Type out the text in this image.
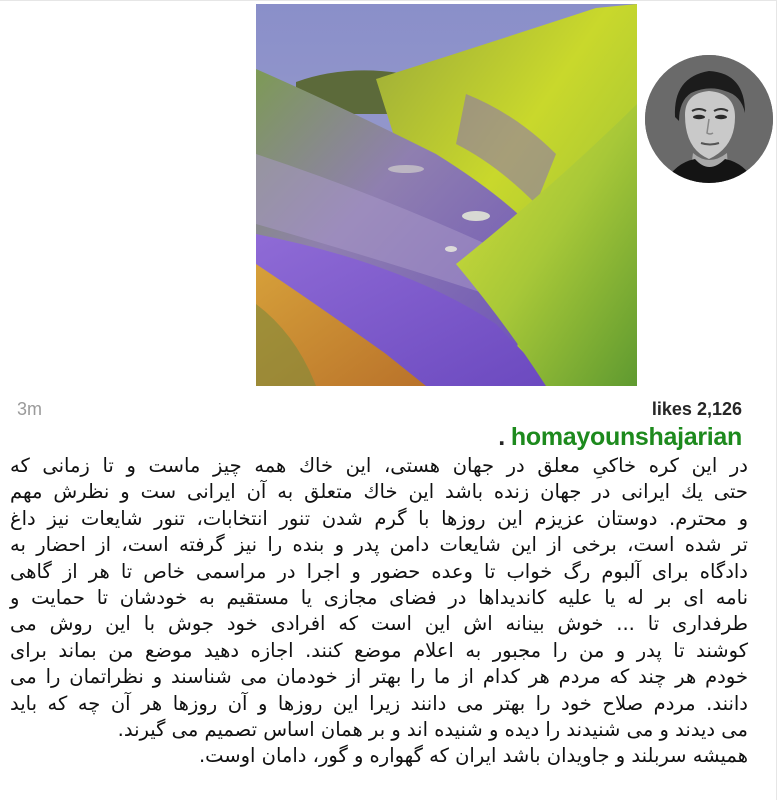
3m	likes 2,126
. homayounshajarian
در این کره خاکیِ معلق در جهان هستی، این خاك همه چیز ماست و تا زمانی که
حتی یك ایرانی در جهان زنده باشد این خاك متعلق به آن ایرانی ست و نظرش مهم
و محترم. دوستان عزیزم این روزها با گرم شدن تنور انتخابات، تنور شایعات نیز داغ
تر شده است، برخی از این شایعات دامن پدر و بنده را نیز گرفته است، از احضار به
دادگاه برای آلبوم رگ خواب تا وعده حضور و اجرا در مراسمی خاص تا هر از گاهی
نامه ای بر له یا علیه کاندیداها در فضای مجازی یا مستقیم به خودشان تا حمایت و
طرفداری تا ... خوش بینانه اش این است که افرادی خود جوش با این روش می
کوشند تا پدر و من را مجبور به اعلام موضع کنند. اجازه دهید موضع من بماند برای
خودم هر چند که مردم هر کدام از ما را بهتر از خودمان می شناسند و نظراتمان را می
دانند. مردم صلاح خود را بهتر می دانند زیرا این روزها و آن روزها هر آن چه که باید
می دیدند و می شنیدند را دیده و شنیده اند و بر همان اساس تصمیم می گیرند.
همیشه سربلند و جاویدان باشد ایران که گهواره و گور، دامان اوست.
